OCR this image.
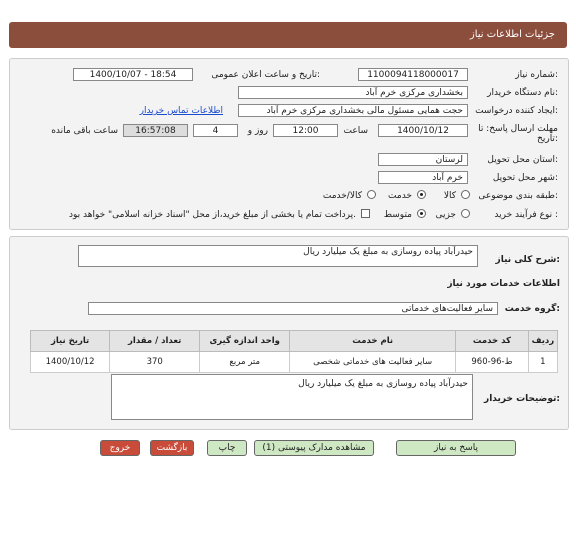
جزئیات اطلاعات نیاز
شماره نیاز:
1100094118000017
تاریخ و ساعت اعلان عمومی:
1400/10/07 - 18:54
نام دستگاه خریدار:
بخشداری مرکزی خرم آباد
ایجاد کننده درخواست:
حجت همایی مسئول مالی بخشداری مرکزی خرم آباد
اطلاعات تماس خریدار
مهلت ارسال پاسخ: تا تاریخ:
1400/10/12
ساعت
12:00
4	روز و
16:57:08
ساعت باقی مانده
استان محل تحویل:
لرستان
شهر محل تحویل:
خرم آباد
طبقه بندی موضوعی:
کالا
خدمت
کالا/خدمت
نوع فرآیند خرید :
جزیی
متوسط
پرداخت تمام یا بخشی از مبلغ خرید،از محل "اسناد خزانه اسلامی" خواهد بود.
شرح کلی نیاز:
حیدرآباد پیاده روسازی به مبلغ یک میلیارد ریال
اطلاعات خدمات مورد نیاز
گروه خدمت:
سایر فعالیت‌های خدماتی
ردیف	کد خدمت	نام خدمت	واحد اندازه گیری	تعداد / مقدار	تاریخ نیاز
1	ط-96-960	سایر فعالیت های خدماتی شخصی	متر مربع	370	1400/10/12
توضیحات خریدار:
حیدرآباد پیاده روسازی به مبلغ یک میلیارد ریال
پاسخ به نیاز
مشاهده مدارک پیوستی (1)
چاپ
بازگشت
خروج
